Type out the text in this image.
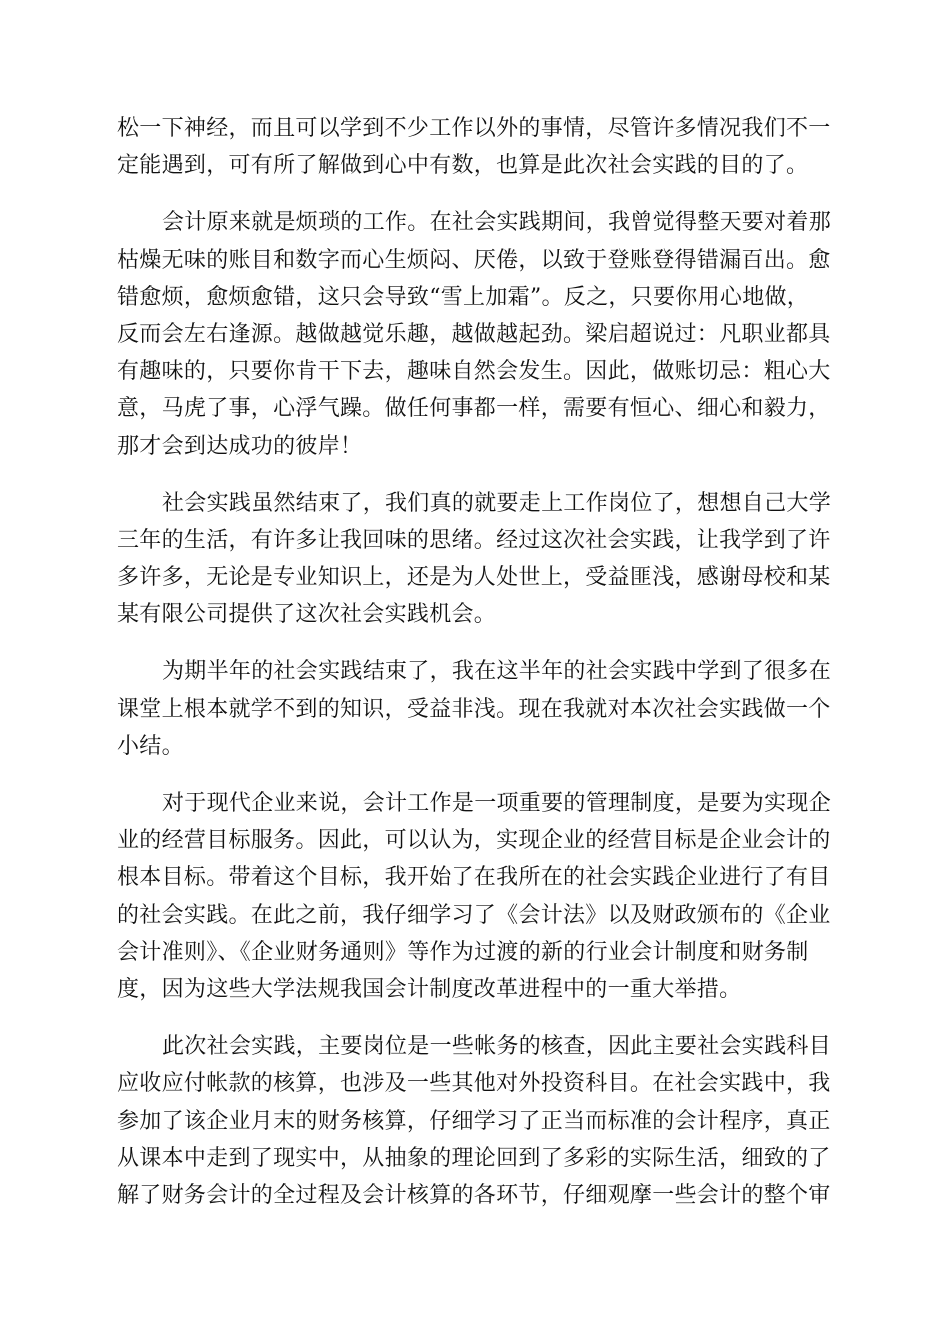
松一下神经，而且可以学到不少工作以外的事情，尽管许多情况我们不一
定能遇到，可有所了解做到心中有数，也算是此次社会实践的目的了。

会计原来就是烦琐的工作。在社会实践期间，我曾觉得整天要对着那
枯燥无味的账目和数字而心生烦闷、厌倦，以致于登账登得错漏百出。愈
错愈烦，愈烦愈错，这只会导致“雪上加霜”。反之，只要你用心地做，
反而会左右逢源。越做越觉乐趣，越做越起劲。梁启超说过：凡职业都具
有趣味的，只要你肯干下去，趣味自然会发生。因此，做账切忌：粗心大
意，马虎了事，心浮气躁。做任何事都一样，需要有恒心、细心和毅力，
那才会到达成功的彼岸！

社会实践虽然结束了，我们真的就要走上工作岗位了，想想自己大学
三年的生活，有许多让我回味的思绪。经过这次社会实践，让我学到了许
多许多，无论是专业知识上，还是为人处世上，受益匪浅，感谢母校和某
某有限公司提供了这次社会实践机会。

为期半年的社会实践结束了，我在这半年的社会实践中学到了很多在
课堂上根本就学不到的知识，受益非浅。现在我就对本次社会实践做一个
小结。

对于现代企业来说，会计工作是一项重要的管理制度，是要为实现企
业的经营目标服务。因此，可以认为，实现企业的经营目标是企业会计的
根本目标。带着这个目标，我开始了在我所在的社会实践企业进行了有目
的社会实践。在此之前，我仔细学习了《会计法》以及财政颁布的《企业
会计准则》、《企业财务通则》等作为过渡的新的行业会计制度和财务制
度，因为这些大学法规我国会计制度改革进程中的一重大举措。

此次社会实践，主要岗位是一些帐务的核查，因此主要社会实践科目
应收应付帐款的核算，也涉及一些其他对外投资科目。在社会实践中，我
参加了该企业月末的财务核算，仔细学习了正当而标准的会计程序，真正
从课本中走到了现实中，从抽象的理论回到了多彩的实际生活，细致的了
解了财务会计的全过程及会计核算的各环节，仔细观摩一些会计的整个审
